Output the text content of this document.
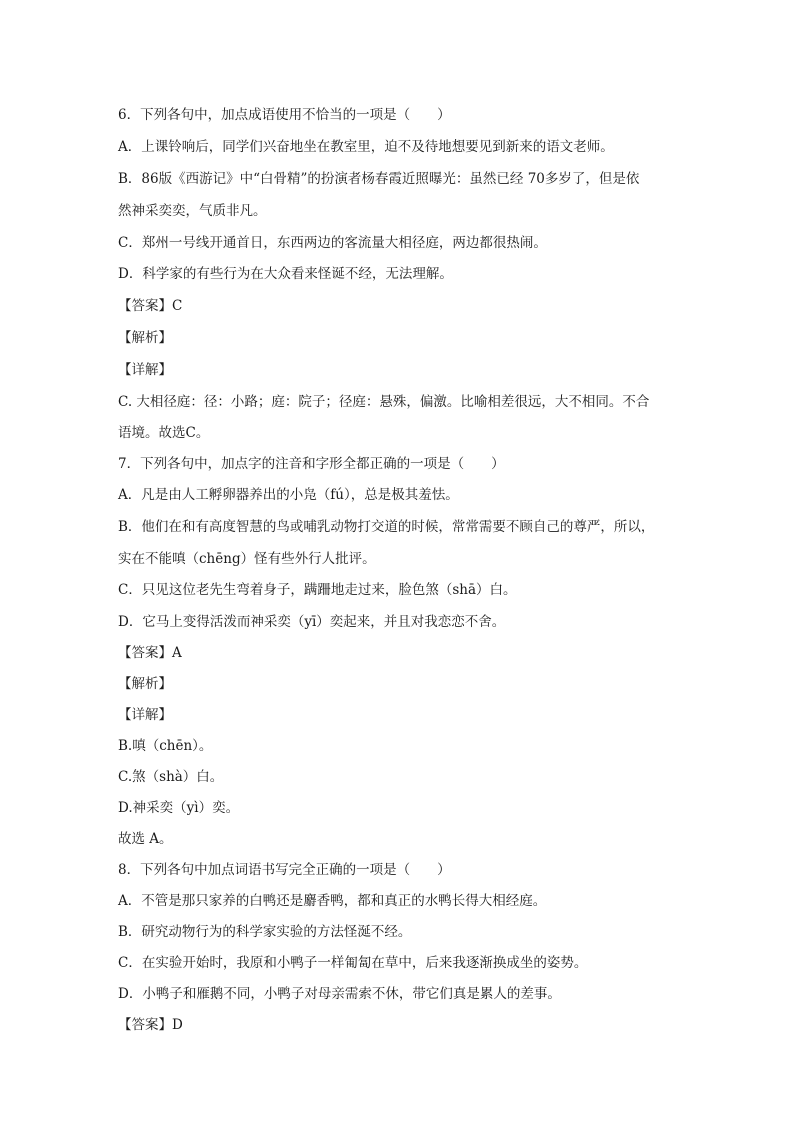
6．下列各句中，加点成语使用不恰当的一项是（　　）
A．上课铃响后，同学们兴奋地坐在教室里，迫不及待地想要见到新来的语文老师。
B．86版《西游记》中“白骨精”的扮演者杨春霞近照曝光：虽然已经 70多岁了，但是依
然神采奕奕，气质非凡。
C．郑州一号线开通首日，东西两边的客流量大相径庭，两边都很热闹。
D．科学家的有些行为在大众看来怪诞不经，无法理解。
【答案】C
【解析】
【详解】
C. 大相径庭：径：小路；庭：院子；径庭：悬殊，偏激。比喻相差很远，大不相同。不合
语境。故选C。
7．下列各句中，加点字的注音和字形全都正确的一项是（　　）
A．凡是由人工孵卵器养出的小凫（fú），总是极其羞怯。
B．他们在和有高度智慧的鸟或哺乳动物打交道的时候，常常需要不顾自己的尊严，所以，
实在不能嗔（chēng）怪有些外行人批评。
C．只见这位老先生弯着身子，蹒跚地走过来，脸色煞（shā）白。
D．它马上变得活泼而神采奕（yī）奕起来，并且对我恋恋不舍。
【答案】A
【解析】
【详解】
B.嗔（chēn）。
C.煞（shà）白。
D.神采奕（yì）奕。
故选 A。
8．下列各句中加点词语书写完全正确的一项是（　　）
A．不管是那只家养的白鸭还是麝香鸭，都和真正的水鸭长得大相经庭。
B．研究动物行为的科学家实验的方法怪涎不经。
C．在实验开始时，我原和小鸭子一样匍匐在草中，后来我逐渐换成坐的姿势。
D．小鸭子和雁鹅不同，小鸭子对母亲需索不休，带它们真是累人的差事。
【答案】D
